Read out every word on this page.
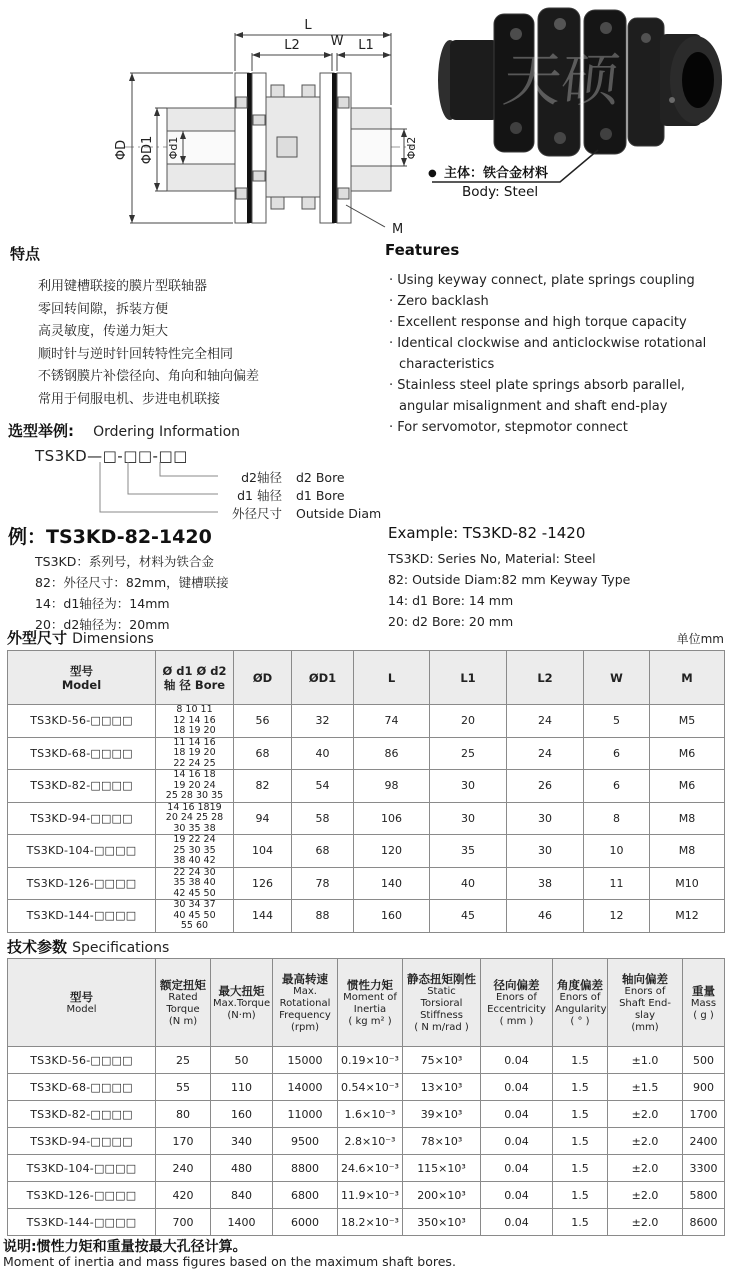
L
L2 W L1
ΦD ΦD1 Φd1	Φd2
M
天硕
● 主体：铁合金材料
Body: Steel
特点
利用键槽联接的膜片型联轴器
零回转间隙，拆装方便
高灵敏度，传递力矩大
顺时针与逆时针回转特性完全相同
不锈钢膜片补偿径向、角向和轴向偏差
常用于伺服电机、步进电机联接
Features
· Using keyway connect, plate springs coupling
· Zero backlash
· Excellent response and high torque capacity
· Identical clockwise and anticlockwise rotational characteristics
· Stainless steel plate springs absorb parallel, angular misalignment and shaft end-play
· For servomotor, stepmotor connect
选型举例: Ordering Information
TS3KD—□-□□-□□
d2轴径 d2 Bore
d1 轴径 d1 Bore
外径尺寸 Outside Diam
例：TS3KD-82-1420
TS3KD：系列号，材料为铁合金
82：外径尺寸：82mm，键槽联接
14：d1轴径为：14mm
20：d2轴径为：20mm
Example: TS3KD-82 -1420
TS3KD: Series No, Material: Steel
82: Outside Diam:82 mm Keyway Type
14: d1 Bore: 14 mm
20: d2 Bore: 20 mm
外型尺寸 Dimensions	单位mm
型号
Model

Ø d1 Ø d2
轴 径 Bore	ØD	ØD1	L	L1	L2	W	M

TS3KD-56-□□□□	8 10 11
12 14 16
18 19 20	56	32	74	20	24	5	M5
TS3KD-68-□□□□	11 14 16
18 19 20
22 24 25	68	40	86	25	24	6	M6
TS3KD-82-□□□□	14 16 18
19 20 24
25 28 30 35	82	54	98	30	26	6	M6
TS3KD-94-□□□□	14 16 1819
20 24 25 28
30 35 38	94	58	106	30	30	8	M8
TS3KD-104-□□□□	19 22 24
25 30 35
38 40 42	104	68	120	35	30	10	M8
TS3KD-126-□□□□	22 24 30
35 38 40
42 45 50	126	78	140	40	38	11	M10
TS3KD-144-□□□□	30 34 37
40 45 50
55 60	144	88	160	45	46	12	M12
技术参数 Specifications
型号
Model

额定扭矩
Rated Torque
(N m)

最大扭矩
Max.Torque
(N·m)

最高转速
Max. Rotational Frequency
(rpm)

惯性力矩
Moment of Inertia
( kg m² )

静态扭矩刚性
Static Torsioral Stiffness
( N m/rad )

径向偏差
Enors of Eccentricity
( mm )

角度偏差
Enors of Angularity
( ° )

轴向偏差
Enors of Shaft End-slay
(mm)

重量
Mass
( g )

TS3KD-56-□□□□	25	50	15000	0.19×10⁻³	75×10³	0.04	1.5	±1.0	500
TS3KD-68-□□□□	55	110	14000	0.54×10⁻³	13×10³	0.04	1.5	±1.5	900
TS3KD-82-□□□□	80	160	11000	1.6×10⁻³	39×10³	0.04	1.5	±2.0	1700
TS3KD-94-□□□□	170	340	9500	2.8×10⁻³	78×10³	0.04	1.5	±2.0	2400
TS3KD-104-□□□□	240	480	8800	24.6×10⁻³	115×10³	0.04	1.5	±2.0	3300
TS3KD-126-□□□□	420	840	6800	11.9×10⁻³	200×10³	0.04	1.5	±2.0	5800
TS3KD-144-□□□□	700	1400	6000	18.2×10⁻³	350×10³	0.04	1.5	±2.0	8600
说明:惯性力矩和重量按最大孔径计算。
Moment of inertia and mass figures based on the maximum shaft bores.
